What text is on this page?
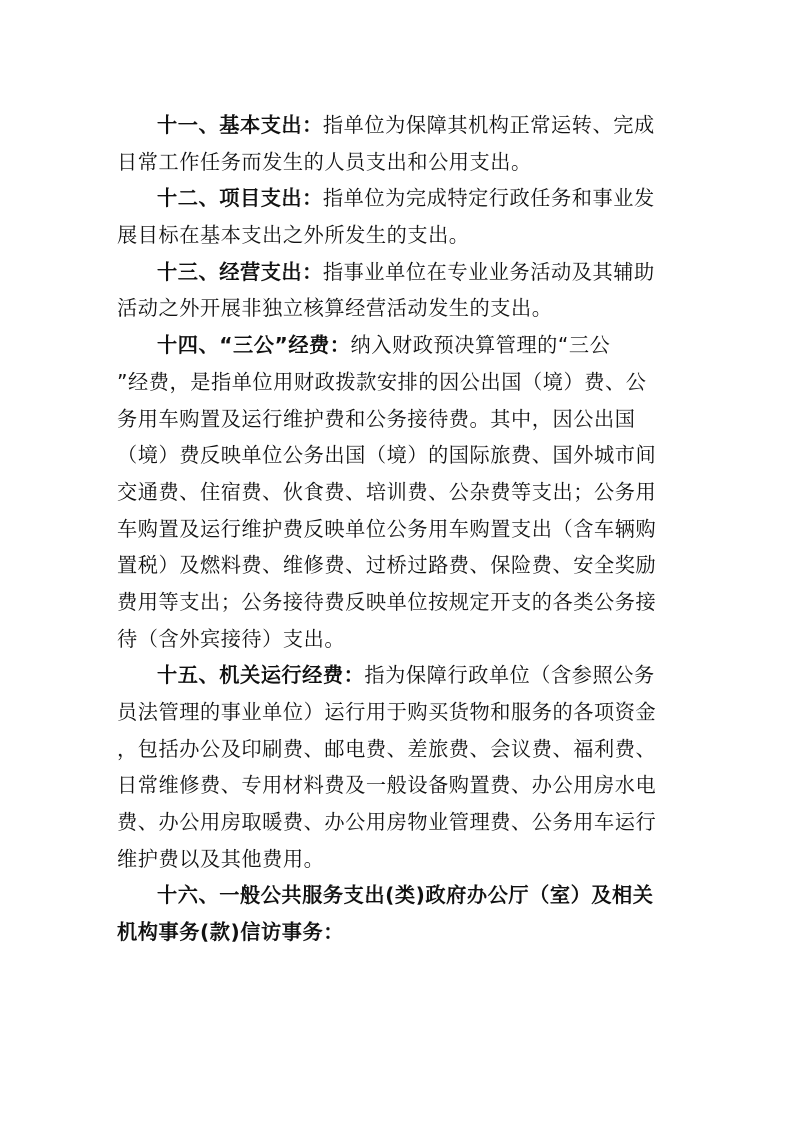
十一、基本支出：指单位为保障其机构正常运转、完成
日常工作任务而发生的人员支出和公用支出。
十二、项目支出：指单位为完成特定行政任务和事业发
展目标在基本支出之外所发生的支出。
十三、经营支出：指事业单位在专业业务活动及其辅助
活动之外开展非独立核算经营活动发生的支出。
十四、“三公”经费：纳入财政预决算管理的“三公
”经费，是指单位用财政拨款安排的因公出国（境）费、公
务用车购置及运行维护费和公务接待费。其中，因公出国
（境）费反映单位公务出国（境）的国际旅费、国外城市间
交通费、住宿费、伙食费、培训费、公杂费等支出；公务用
车购置及运行维护费反映单位公务用车购置支出（含车辆购
置税）及燃料费、维修费、过桥过路费、保险费、安全奖励
费用等支出；公务接待费反映单位按规定开支的各类公务接
待（含外宾接待）支出。
十五、机关运行经费：指为保障行政单位（含参照公务
员法管理的事业单位）运行用于购买货物和服务的各项资金
，包括办公及印刷费、邮电费、差旅费、会议费、福利费、
日常维修费、专用材料费及一般设备购置费、办公用房水电
费、办公用房取暖费、办公用房物业管理费、公务用车运行
维护费以及其他费用。
十六、一般公共服务支出(类)政府办公厅（室）及相关
机构事务(款)信访事务：
